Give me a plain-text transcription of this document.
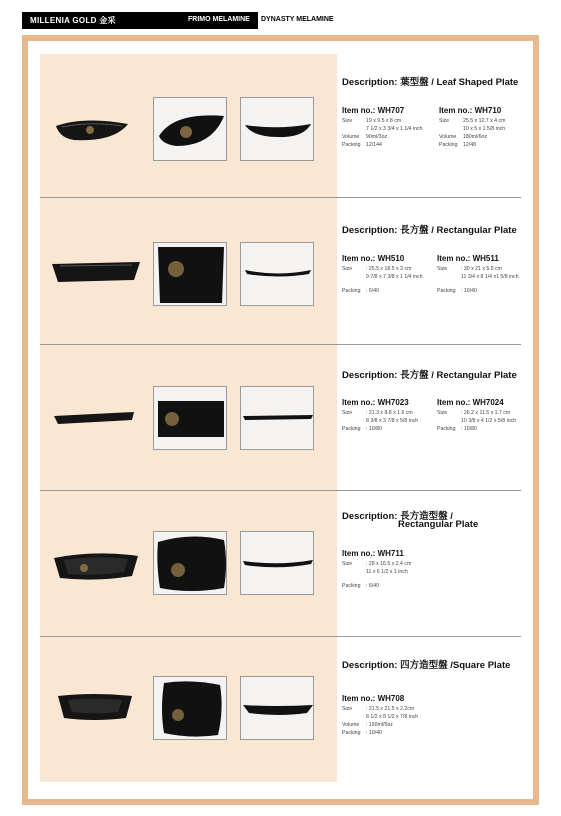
MILLENIA GOLD 金采	FRIMO MELAMINE DYNASTY MELAMINE
Description: 葉型盤 / Leaf Shaped Plate
Item no.: WH707
Size	19 x 9.5 x 8 cm
7 1/2 x 3 3/4 x 1 1/4 inch
Volume 90ml/3oz
Packing 12/144
Item no.: WH710
Size	25.5 x 12.7 x 4 cm
10 x 5 x 1 5/8 inch
Volume 180ml/6oz
Packing 12/48
Description: 長方盤 / Rectangular Plate
Item no.: WH510
Size	: 25.5 x 18.5 x 3 cm
9 7/8 x 7 3/8 x 1 1/4 inch
Packing : 6/40
Item no.: WH511
Size	: 30 x 21 x 5.5 cm
11 3/4 x 8 1/4 x1 5/8 inch
Packing : 10/40
Description: 長方盤 / Rectangular Plate
Item no.: WH7023
Size	: 21.3 x 8.8 x 1.6 cm
8 3/8 x 3 7/8 x 5/8 inch
Packing : 10/80
Item no.: WH7024
Size	: 26.2 x 11.5 x 1.7 cm
10 3/8 x 4 1/2 x 5/8 inch
Packing : 10/80
Description: 長方造型盤 /
Rectangular Plate
Item no.: WH711
Size	: 28 x 16.5 x 2.4 cm
11 x 6 1/2 x 1 inch
Packing : 6/40
Description: 四方造型盤 /Square Plate
Item no.: WH708
Size	: 21.5 x 21.5 x 2.2cm
8 1/2 x 8 1/2 x 7/8 inch
Volume : 150ml/5oz
Packing : 10/40
